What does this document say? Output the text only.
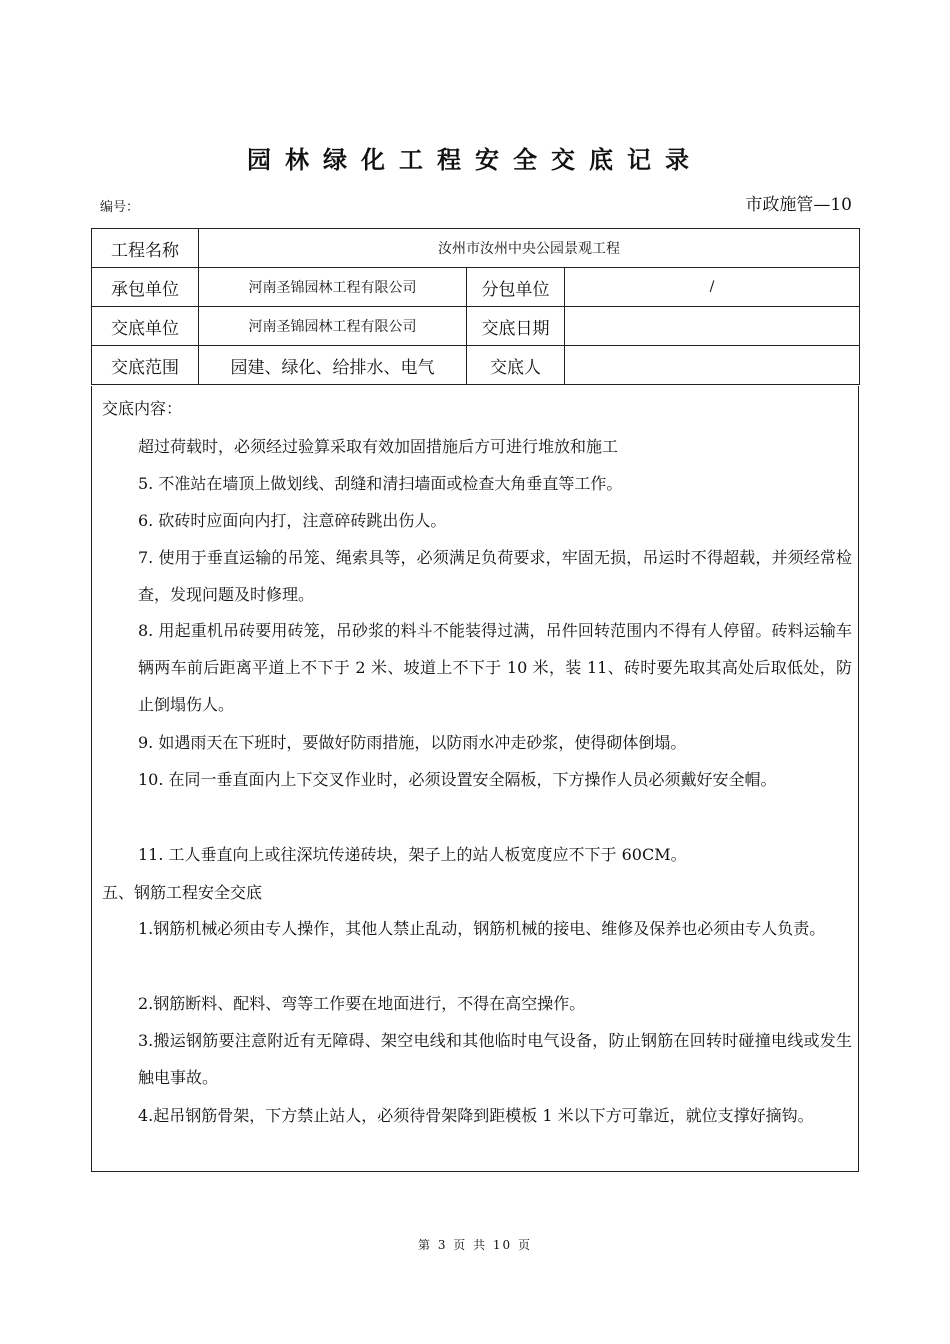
园林绿化工程安全交底记录
编号：	市政施管—10
工程名称	汝州市汝州中央公园景观工程		
承包单位	河南圣锦园林工程有限公司	分包单位	/
交底单位	河南圣锦园林工程有限公司	交底日期	
交底范围	园建、绿化、给排水、电气	交底人	
交底内容：
超过荷载时，必须经过验算采取有效加固措施后方可进行堆放和施工
5. 不准站在墙顶上做划线、刮缝和清扫墙面或检查大角垂直等工作。
6. 砍砖时应面向内打，注意碎砖跳出伤人。
7. 使用于垂直运输的吊笼、绳索具等，必须满足负荷要求，牢固无损，吊运时不得超载，并须经常检查，发现问题及时修理。
8. 用起重机吊砖要用砖笼，吊砂浆的料斗不能装得过满，吊件回转范围内不得有人停留。砖料运输车辆两车前后距离平道上不下于 2 米、坡道上不下于 10 米，装 11、砖时要先取其高处后取低处，防止倒塌伤人。
9. 如遇雨天在下班时，要做好防雨措施，以防雨水冲走砂浆，使得砌体倒塌。
10. 在同一垂直面内上下交叉作业时，必须设置安全隔板，下方操作人员必须戴好安全帽。
11. 工人垂直向上或往深坑传递砖块，架子上的站人板宽度应不下于 60CM。
五、钢筋工程安全交底
1.钢筋机械必须由专人操作，其他人禁止乱动，钢筋机械的接电、维修及保养也必须由专人负责。
2.钢筋断料、配料、弯等工作要在地面进行，不得在高空操作。
3.搬运钢筋要注意附近有无障碍、架空电线和其他临时电气设备，防止钢筋在回转时碰撞电线或发生触电事故。
4.起吊钢筋骨架，下方禁止站人，必须待骨架降到距模板 1 米以下方可靠近，就位支撑好摘钩。
第 3 页 共 10 页
